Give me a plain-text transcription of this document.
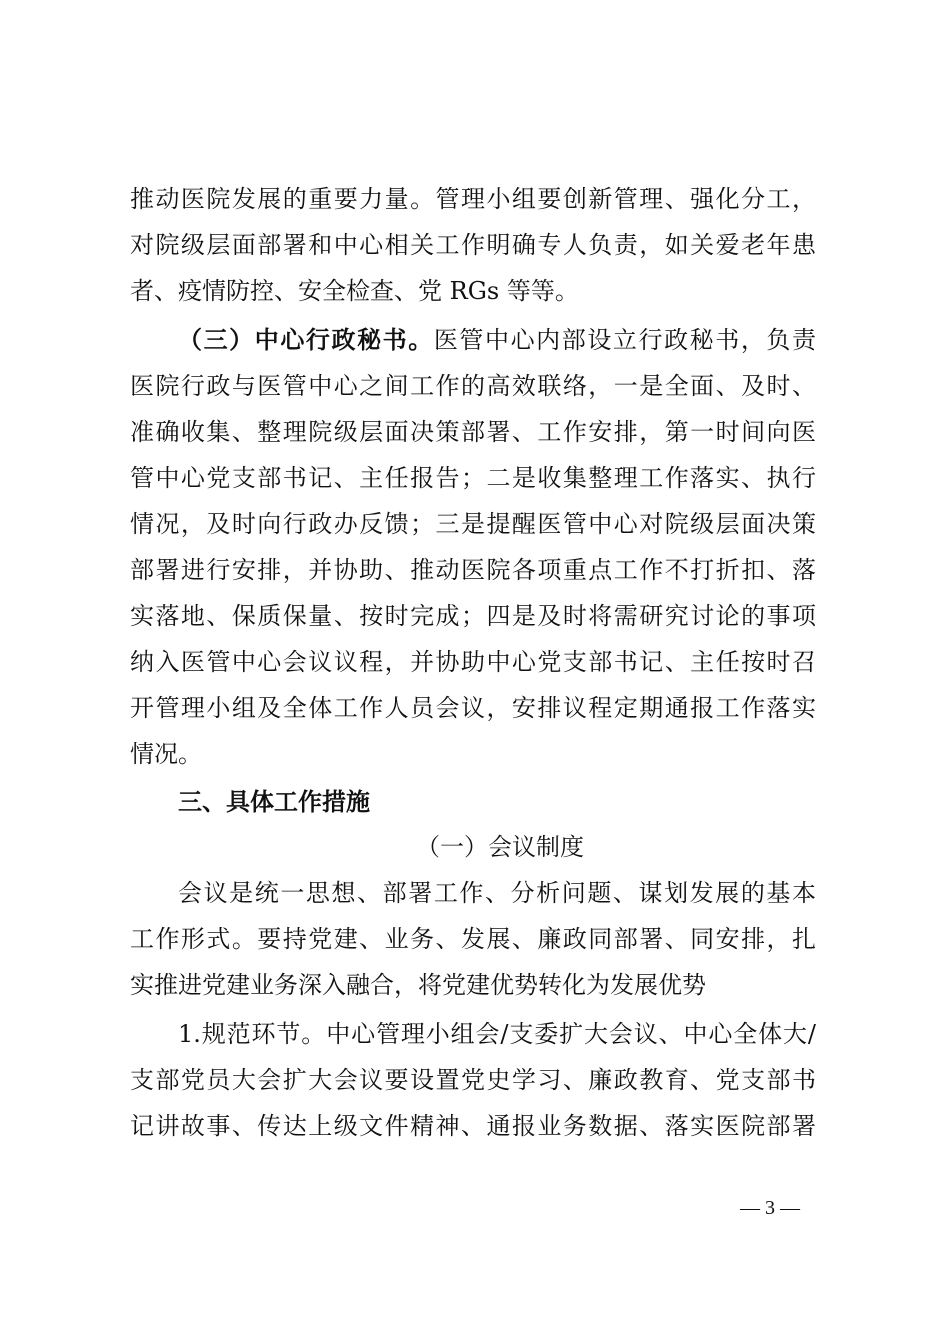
推动医院发展的重要力量。管理小组要创新管理、强化分工，
对院级层面部署和中心相关工作明确专人负责，如关爱老年患
者、疫情防控、安全检查、党 RGs 等等。
（三）中心行政秘书。医管中心内部设立行政秘书，负责
医院行政与医管中心之间工作的高效联络，一是全面、及时、
准确收集、整理院级层面决策部署、工作安排，第一时间向医
管中心党支部书记、主任报告；二是收集整理工作落实、执行
情况，及时向行政办反馈；三是提醒医管中心对院级层面决策
部署进行安排，并协助、推动医院各项重点工作不打折扣、落
实落地、保质保量、按时完成；四是及时将需研究讨论的事项
纳入医管中心会议议程，并协助中心党支部书记、主任按时召
开管理小组及全体工作人员会议，安排议程定期通报工作落实
情况。
三、具体工作措施
（一）会议制度
会议是统一思想、部署工作、分析问题、谋划发展的基本
工作形式。要持党建、业务、发展、廉政同部署、同安排，扎
实推进党建业务深入融合，将党建优势转化为发展优势
1.规范环节。中心管理小组会/支委扩大会议、中心全体大/
支部党员大会扩大会议要设置党史学习、廉政教育、党支部书
记讲故事、传达上级文件精神、通报业务数据、落实医院部署
— 3 —
